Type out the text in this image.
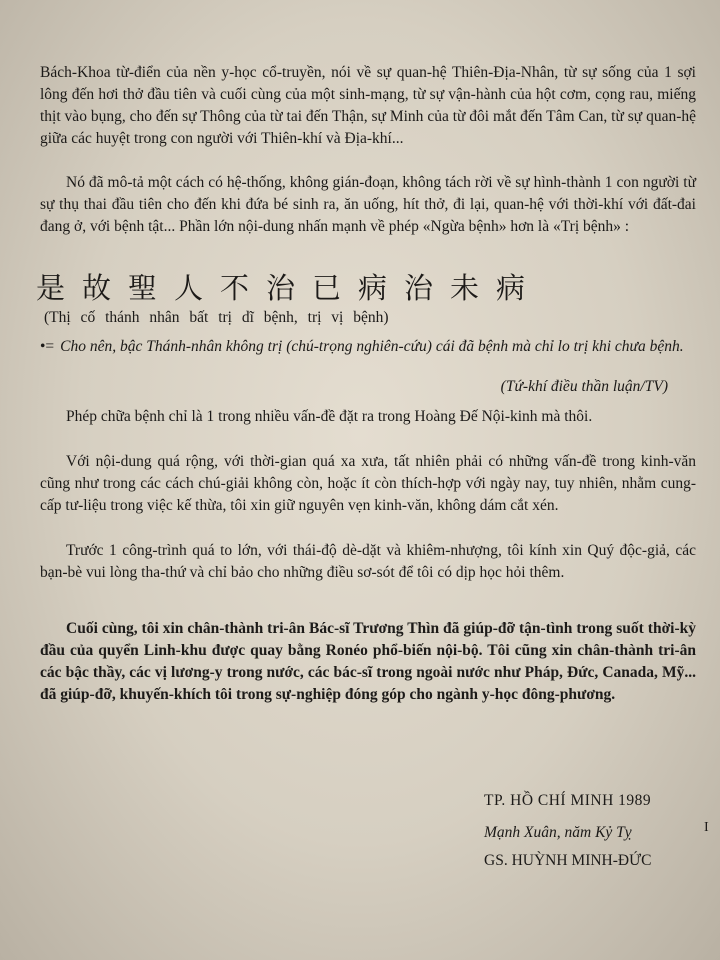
Bách-Khoa từ-điển của nền y-học cổ-truyền, nói về sự quan-hệ Thiên-Địa-Nhân, từ sự sống của 1 sợi lông đến hơi thở đầu tiên và cuối cùng của một sinh-mạng, từ sự vận-hành của hột cơm, cọng rau, miếng thịt vào bụng, cho đến sự Thông của từ tai đến Thận, sự Minh của từ đôi mắt đến Tâm Can, từ sự quan-hệ giữa các huyệt trong con người với Thiên-khí và Địa-khí...

Nó đã mô-tả một cách có hệ-thống, không gián-đoạn, không tách rời về sự hình-thành 1 con người từ sự thụ thai đầu tiên cho đến khi đứa bé sinh ra, ăn uống, hít thở, đi lại, quan-hệ với thời-khí với đất-đai đang ở, với bệnh tật... Phần lớn nội-dung nhấn mạnh về phép «Ngừa bệnh» hơn là «Trị bệnh» :

是故聖人不治已病治未病
(Thị cố thánh nhân bất trị dĩ bệnh, trị vị bệnh)

•= Cho nên, bậc Thánh-nhân không trị (chú-trọng nghiên-cứu) cái đã bệnh mà chỉ lo trị khi chưa bệnh.

(Tứ-khí điều thần luận/TV)

Phép chữa bệnh chỉ là 1 trong nhiều vấn-đề đặt ra trong Hoàng Đế Nội-kinh mà thôi.

Với nội-dung quá rộng, với thời-gian quá xa xưa, tất nhiên phải có những vấn-đề trong kinh-văn cũng như trong các cách chú-giải không còn, hoặc ít còn thích-hợp với ngày nay, tuy nhiên, nhằm cung-cấp tư-liệu trong việc kế thừa, tôi xin giữ nguyên vẹn kinh-văn, không dám cắt xén.

Trước 1 công-trình quá to lớn, với thái-độ dè-dặt và khiêm-nhượng, tôi kính xin Quý độc-giả, các bạn-bè vui lòng tha-thứ và chỉ bảo cho những điều sơ-sót để tôi có dịp học hỏi thêm.

Cuối cùng, tôi xin chân-thành tri-ân Bác-sĩ Trương Thìn đã giúp-đỡ tận-tình trong suốt thời-kỳ đầu của quyển Linh-khu được quay bằng Ronéo phổ-biến nội-bộ. Tôi cũng xin chân-thành tri-ân các bậc thầy, các vị lương-y trong nước, các bác-sĩ trong ngoài nước như Pháp, Đức, Canada, Mỹ... đã giúp-đỡ, khuyến-khích tôi trong sự-nghiệp đóng góp cho ngành y-học đông-phương.

TP. HỒ CHÍ MINH 1989
Mạnh Xuân, năm Kỷ Tỵ
GS. HUỲNH MINH-ĐỨC
I
